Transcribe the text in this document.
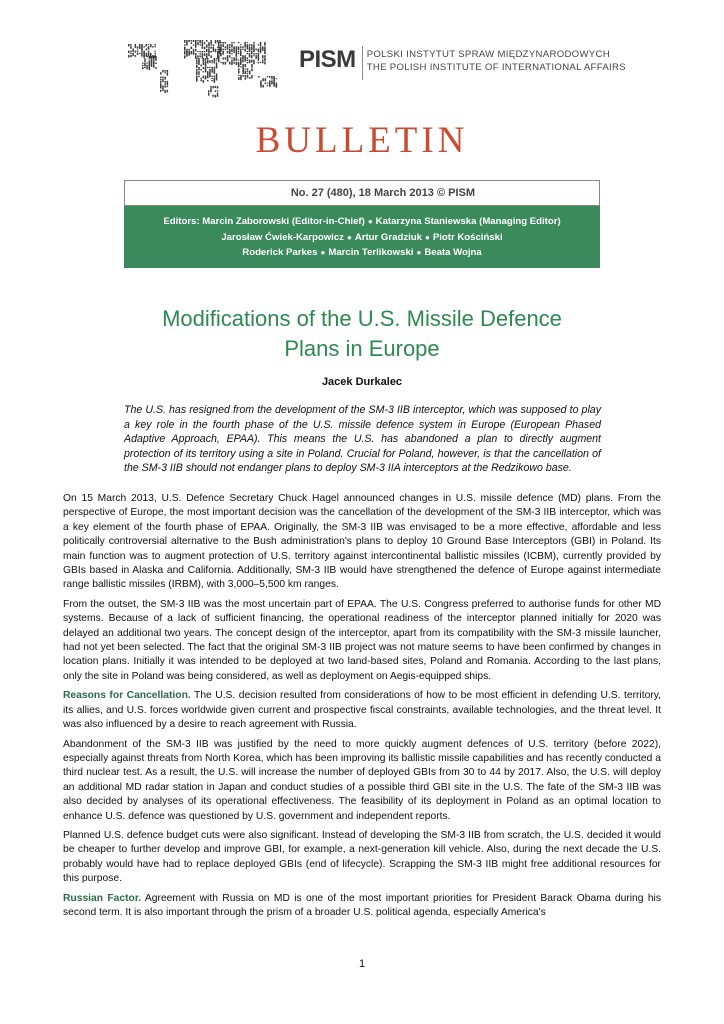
PISM POLSKI INSTYTUT SPRAW MIĘDZYNARODOWYCH
THE POLISH INSTITUTE OF INTERNATIONAL AFFAIRS
BULLETIN
No. 27 (480), 18 March 2013 © PISM
Editors: Marcin Zaborowski (Editor-in-Chief) ● Katarzyna Staniewska (Managing Editor)
Jarosław Ćwiek-Karpowicz ● Artur Gradziuk ● Piotr Kościński
Roderick Parkes ● Marcin Terlikowski ● Beata Wojna
Modifications of the U.S. Missile Defence
Plans in Europe
Jacek Durkalec
The U.S. has resigned from the development of the SM-3 IIB interceptor, which was supposed to play a key role in the fourth phase of the U.S. missile defence system in Europe (European Phased Adaptive Approach, EPAA). This means the U.S. has abandoned a plan to directly augment protection of its territory using a site in Poland. Crucial for Poland, however, is that the cancellation of the SM-3 IIB should not endanger plans to deploy SM-3 IIA interceptors at the Redzikowo base.

On 15 March 2013, U.S. Defence Secretary Chuck Hagel announced changes in U.S. missile defence (MD) plans. From the perspective of Europe, the most important decision was the cancellation of the development of the SM-3 IIB interceptor, which was a key element of the fourth phase of EPAA. Originally, the SM-3 IIB was envisaged to be a more effective, affordable and less politically controversial alternative to the Bush administration's plans to deploy 10 Ground Base Interceptors (GBI) in Poland. Its main function was to augment protection of U.S. territory against intercontinental ballistic missiles (ICBM), currently provided by GBIs based in Alaska and California. Additionally, SM-3 IIB would have strengthened the defence of Europe against intermediate range ballistic missiles (IRBM), with 3,000–5,500 km ranges.

From the outset, the SM-3 IIB was the most uncertain part of EPAA. The U.S. Congress preferred to authorise funds for other MD systems. Because of a lack of sufficient financing, the operational readiness of the interceptor planned initially for 2020 was delayed an additional two years. The concept design of the interceptor, apart from its compatibility with the SM-3 missile launcher, had not yet been selected. The fact that the original SM-3 IIB project was not mature seems to have been confirmed by changes in location plans. Initially it was intended to be deployed at two land-based sites, Poland and Romania. According to the last plans, only the site in Poland was being considered, as well as deployment on Aegis-equipped ships.

Reasons for Cancellation. The U.S. decision resulted from considerations of how to be most efficient in defending U.S. territory, its allies, and U.S. forces worldwide given current and prospective fiscal constraints, available technologies, and the threat level. It was also influenced by a desire to reach agreement with Russia.

Abandonment of the SM-3 IIB was justified by the need to more quickly augment defences of U.S. territory (before 2022), especially against threats from North Korea, which has been improving its ballistic missile capabilities and has recently conducted a third nuclear test. As a result, the U.S. will increase the number of deployed GBIs from 30 to 44 by 2017. Also, the U.S. will deploy an additional MD radar station in Japan and conduct studies of a possible third GBI site in the U.S. The fate of the SM-3 IIB was also decided by analyses of its operational effectiveness. The feasibility of its deployment in Poland as an optimal location to enhance U.S. defence was questioned by U.S. government and independent reports.

Planned U.S. defence budget cuts were also significant. Instead of developing the SM-3 IIB from scratch, the U.S. decided it would be cheaper to further develop and improve GBI, for example, a next-generation kill vehicle. Also, during the next decade the U.S. probably would have had to replace deployed GBIs (end of lifecycle). Scrapping the SM-3 IIB might free additional resources for this purpose.

Russian Factor. Agreement with Russia on MD is one of the most important priorities for President Barack Obama during his second term. It is also important through the prism of a broader U.S. political agenda, especially America's

1
